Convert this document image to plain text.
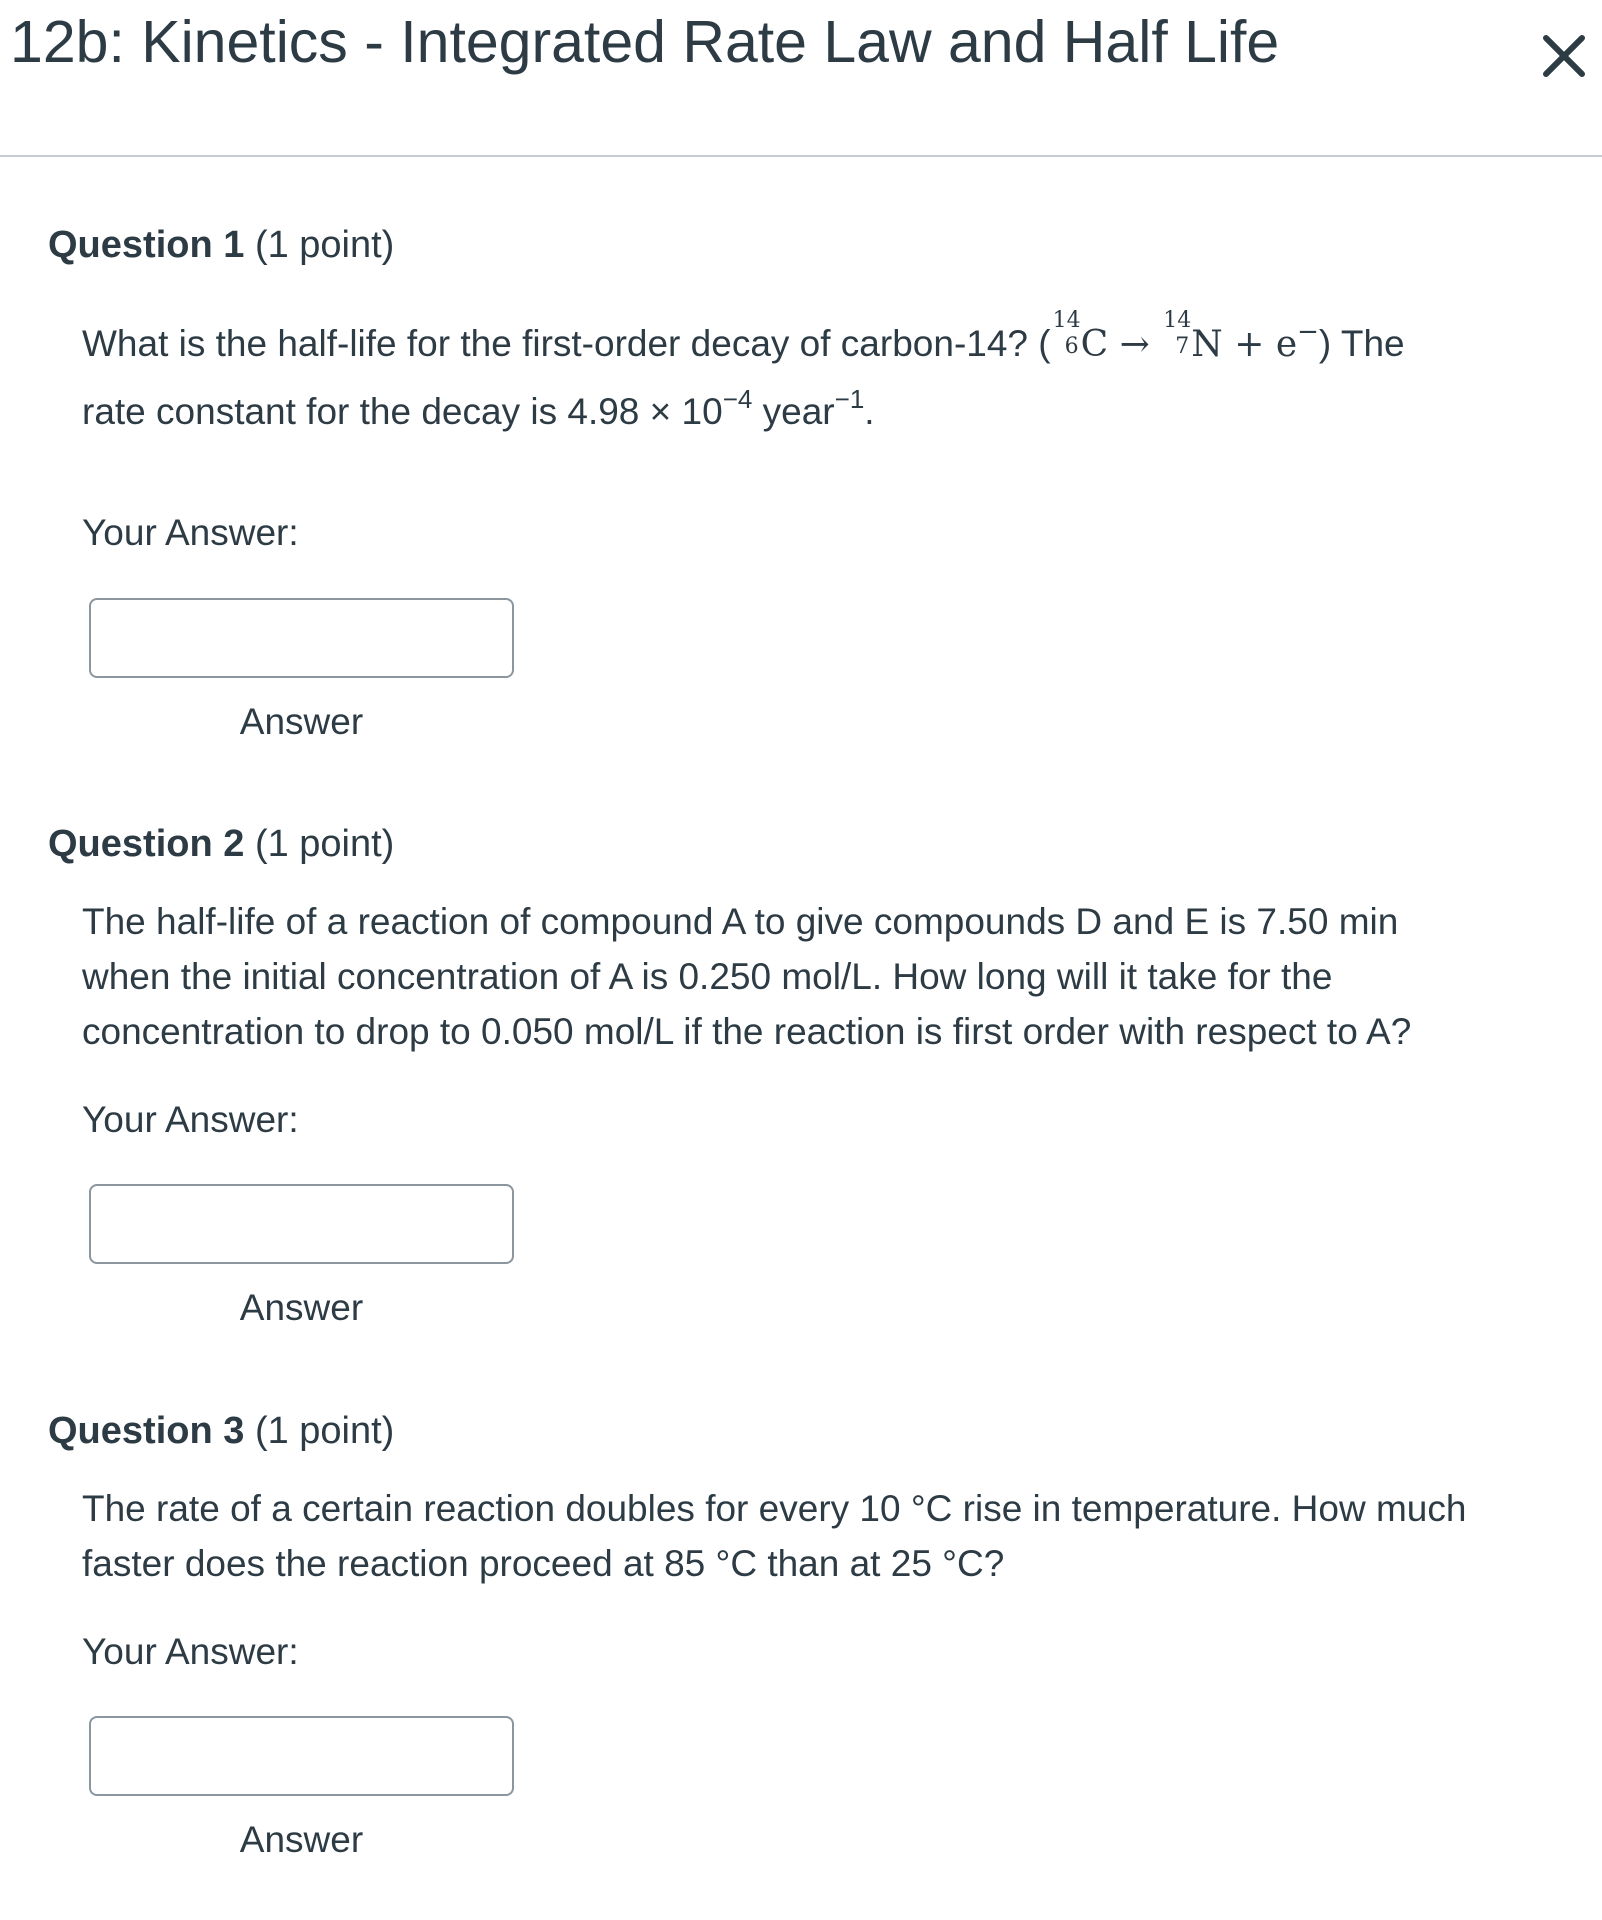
12b: Kinetics - Integrated Rate Law and Half Life
Question 1 (1 point)
What is the half-life for the first-order decay of carbon-14? (
14
6 C →
14
7 N + e−) The
rate constant for the decay is $4.98 \times 10^{-4}$ year$^{-1}$.
Your Answer:
Answer
Question 2 (1 point)
The half-life of a reaction of compound A to give compounds D and E is 7.50 min
when the initial concentration of A is 0.250 mol/L. How long will it take for the
concentration to drop to 0.050 mol/L if the reaction is first order with respect to A?
Your Answer:
Answer
Question 3 (1 point)
The rate of a certain reaction doubles for every 10 °C rise in temperature. How much
faster does the reaction proceed at 85 °C than at 25 °C?
Your Answer:
Answer
